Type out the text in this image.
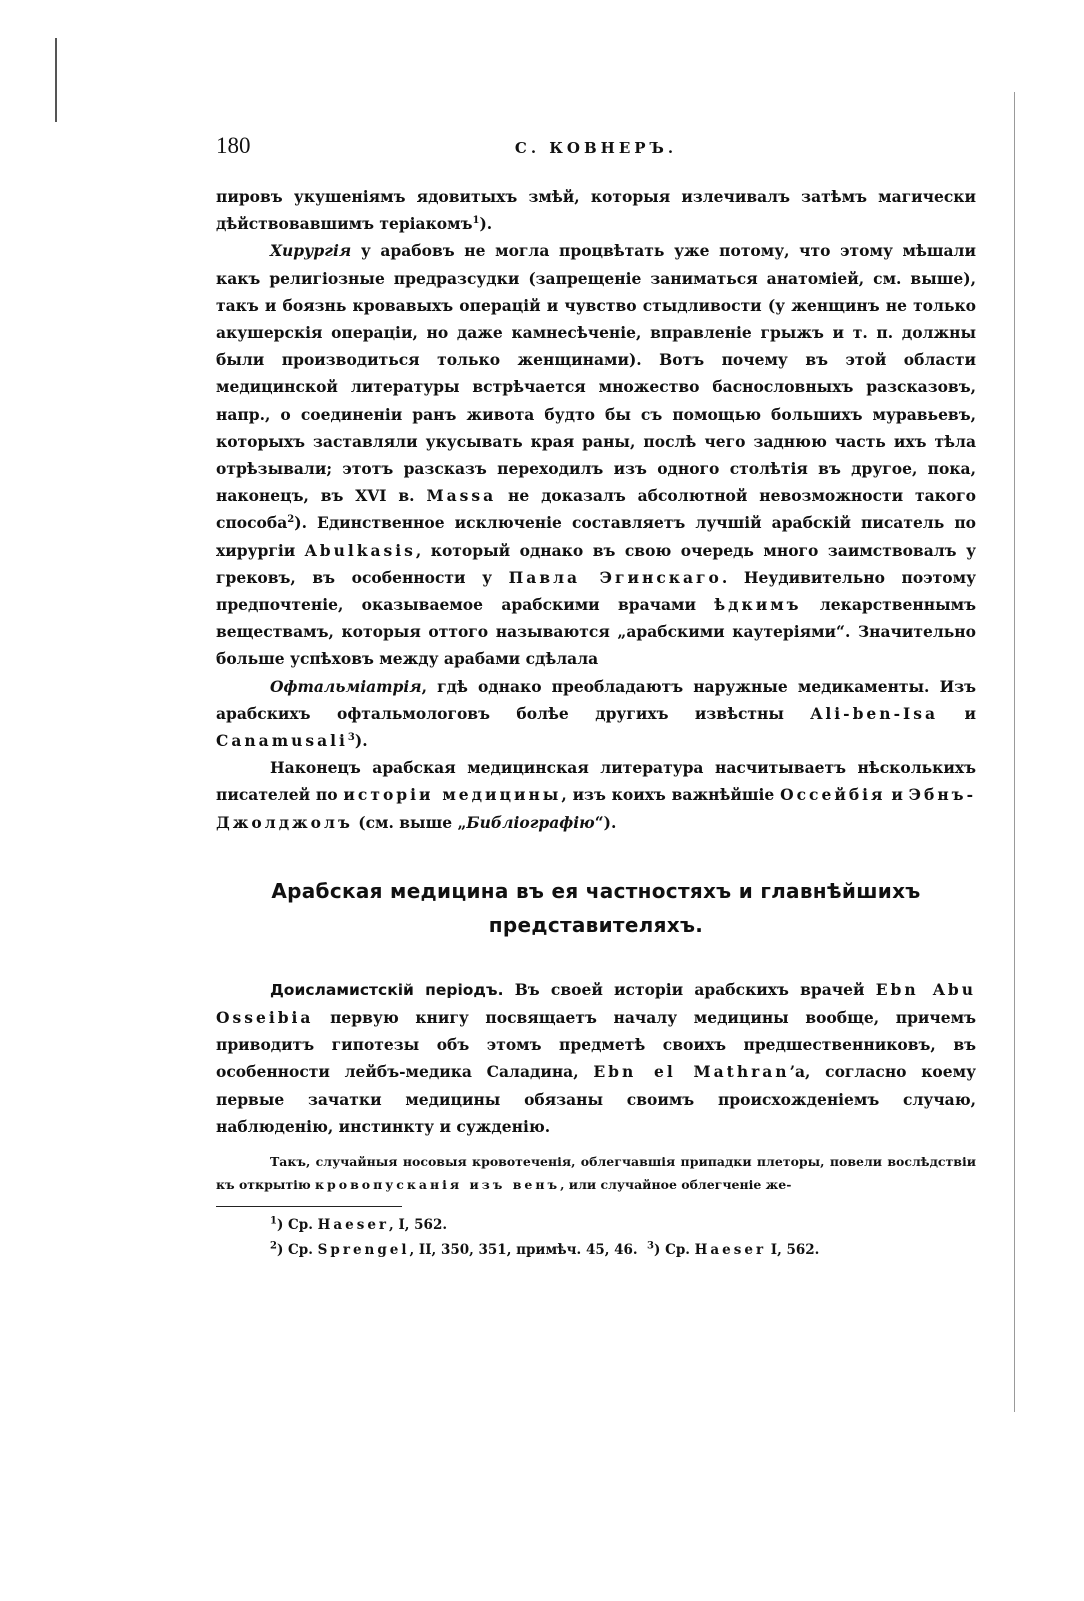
180	С. КОВНЕРЪ.

пировъ укушеніямъ ядовитыхъ змѣй, которыя излечивалъ затѣмъ магически дѣйствовавшимъ теріакомъ$^1$).

Хирургія у арабовъ не могла процвѣтать уже потому, что этому мѣшали какъ религіозные предразсудки (запрещеніе заниматься анатоміей, см. выше), такъ и боязнь кровавыхъ операцій и чувство стыдливости (у женщинъ не только акушерскія операціи, но даже камнесѣченіе, вправленіе грыжъ и т. п. должны были производиться только женщинами). Вотъ почему въ этой области медицинской литературы встрѣчается множество баснословныхъ разсказовъ, напр., о соединеніи ранъ живота будто бы съ помощью большихъ муравьевъ, которыхъ заставляли укусывать края раны, послѣ чего заднюю часть ихъ тѣла отрѣзывали; этотъ разсказъ переходилъ изъ одного столѣтія въ другое, пока, наконецъ, въ XVI в. Massa не доказалъ абсолютной невозможности такого способа$^2$). Единственное исключеніе составляетъ лучшій арабскій писатель по хирургіи Abulkasis, который однако въ свою очередь много заимствовалъ у грековъ, въ особенности у Павла Эгинскаго. Неудивительно поэтому предпочтеніе, оказываемое арабскими врачами ѣдкимъ лекарственнымъ веществамъ, которыя оттого называются „арабскими каутеріями“. Значительно больше успѣховъ между арабами сдѣлала

Офтальміатрія, гдѣ однако преобладаютъ наружные медикаменты. Изъ арабскихъ офтальмологовъ болѣе другихъ извѣстны Ali-ben-Isa и Canamusali$^3$).

Наконецъ арабская медицинская литература насчитываетъ нѣсколькихъ писателей по исторіи медицины, изъ коихъ важнѣйшіе Оссейбія и Эбнъ-Джолджолъ (см. выше „Библіографію“).

Арабская медицина въ ея частностяхъ и главнѣйшихъ представителяхъ.

Доисламистскій періодъ. Въ своей исторіи арабскихъ врачей Ebn Abu Osseibia первую книгу посвящаетъ началу медицины вообще, причемъ приводитъ гипотезы объ этомъ предметѣ своихъ предшественниковъ, въ особенности лейбъ-медика Саладина, Ebn el Mathran’а, согласно коему первые зачатки медицины обязаны своимъ происхожденіемъ случаю, наблюденію, инстинкту и сужденію.

Такъ, случайныя носовыя кровотеченія, облегчавшія припадки плеторы, повели вослѣдствіи къ открытію кровопусканія изъ венъ, или случайное облегченіе же-

$^1$) Ср. Haeser, I, 562.
$^2$) Ср. Sprengel, II, 350, 351, примѣч. 45, 46. $^3$) Ср. Haeser I, 562.
